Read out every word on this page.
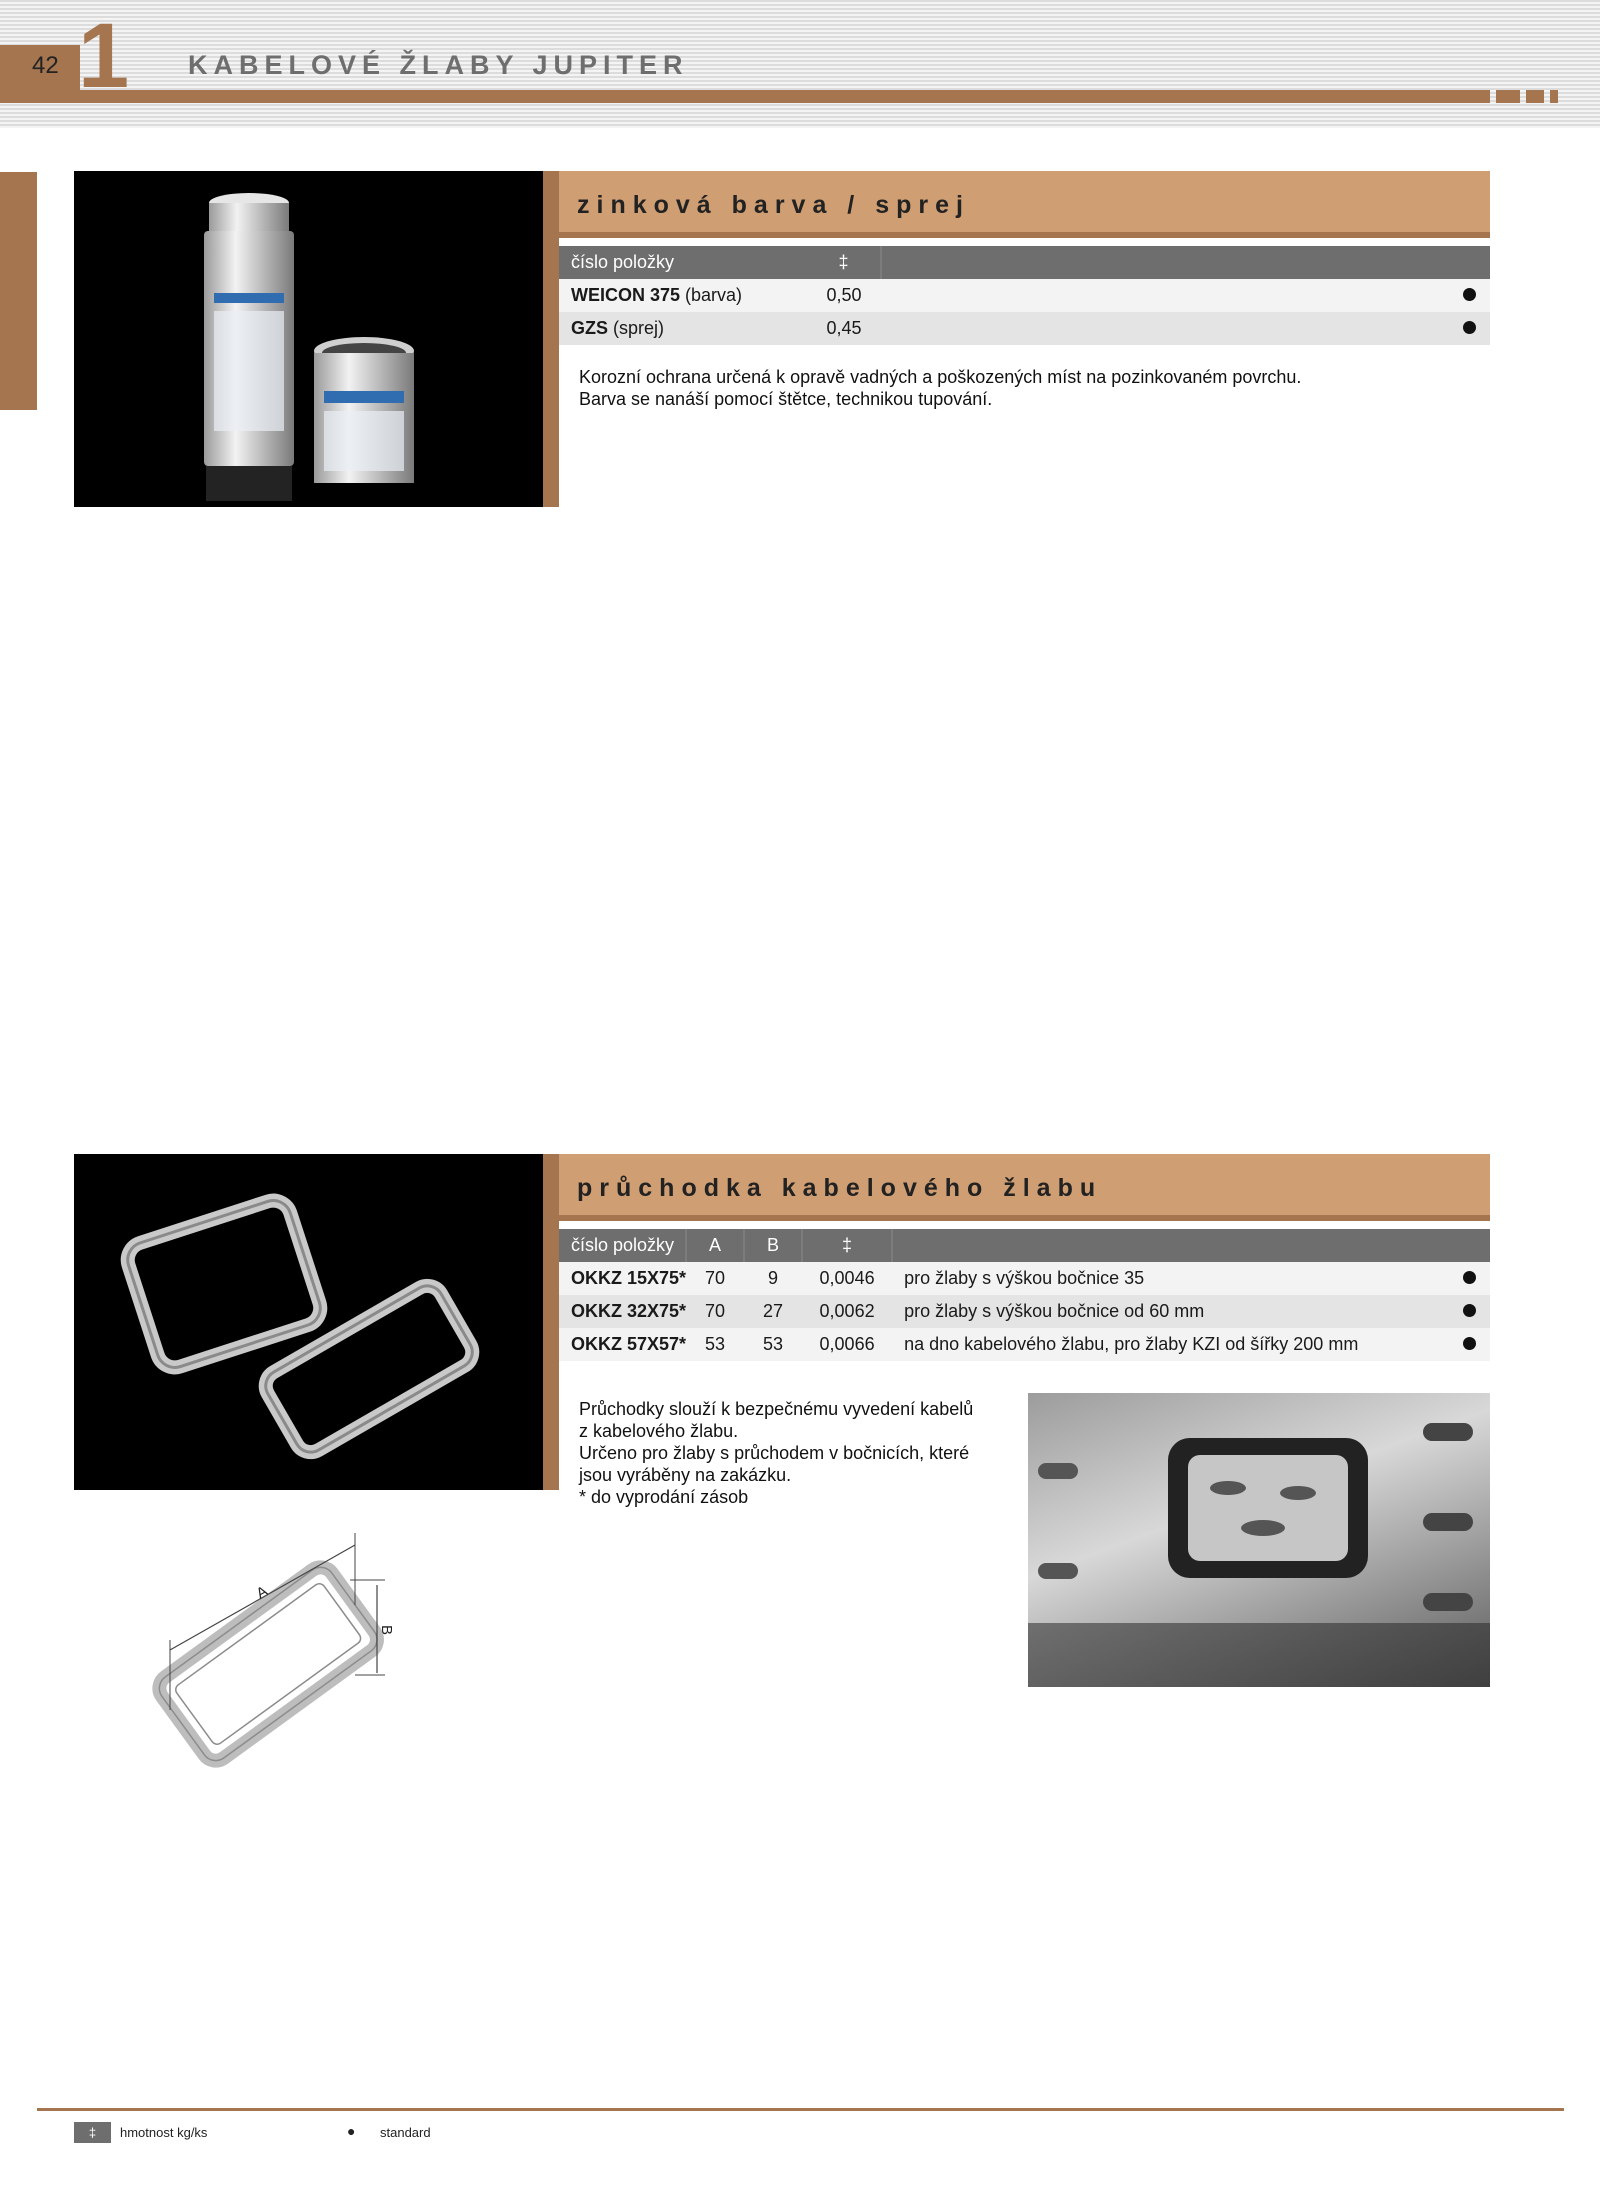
42 1 KABELOVÉ ŽLABY JUPITER
zinková barva / sprej
číslo položky	‡		
WEICON 375 (barva)	0,50		
GZS (sprej)	0,45		
Korozní ochrana určená k opravě vadných a poškozených míst na pozinkovaném povrchu.
Barva se nanáší pomocí štětce, technikou tupování.
průchodka kabelového žlabu
číslo položky	A	B	‡		
OKKZ 15X75*	70	9	0,0046	pro žlaby s výškou bočnice 35	
OKKZ 32X75*	70	27	0,0062	pro žlaby s výškou bočnice od 60 mm	
OKKZ 57X57*	53	53	0,0066	na dno kabelového žlabu, pro žlaby KZI od šířky 200 mm	
Průchodky slouží k bezpečnému vyvedení kabelů
z kabelového žlabu.
Určeno pro žlaby s průchodem v bočnicích, které
jsou vyráběny na zakázku.
* do vyprodání zásob
A
B
‡	hmotnost kg/ks	● standard
